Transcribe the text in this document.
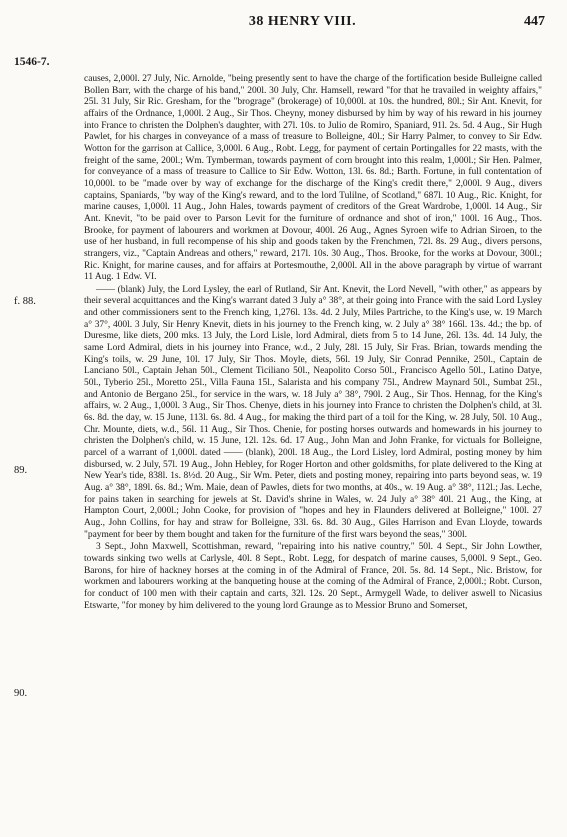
38 HENRY VIII.	447
1546-7.
f. 88.
89.
90.

causes, 2,000l. 27 July, Nic. Arnolde, "being presently sent to have the charge of the fortification beside Bulleigne called Bollen Barr, with the charge of his band," 200l. 30 July, Chr. Hamsell, reward "for that he travailed in weighty affairs," 25l. 31 July, Sir Ric. Gresham, for the "brograge" (brokerage) of 10,000l. at 10s. the hundred, 80l.; Sir Ant. Knevit, for affairs of the Ordnance, 1,000l. 2 Aug., Sir Thos. Cheyny, money disbursed by him by way of his reward in his journey into France to christen the Dolphen's daughter, with 27l. 10s. to Julio de Romiro, Spaniard, 91l. 2s. 5d. 4 Aug., Sir Hugh Pawlet, for his charges in conveyance of a mass of treasure to Bolleigne, 40l.; Sir Harry Palmer, to convey to Sir Edw. Wotton for the garrison at Callice, 3,000l. 6 Aug., Robt. Legg, for payment of certain Portingalles for 22 masts, with the freight of the same, 200l.; Wm. Tymberman, towards payment of corn brought into this realm, 1,000l.; Sir Hen. Palmer, for conveyance of a mass of treasure to Callice to Sir Edw. Wotton, 13l. 6s. 8d.; Barth. Fortune, in full contentation of 10,000l. to be "made over by way of exchange for the discharge of the King's credit there," 2,000l. 9 Aug., divers captains, Spaniards, "by way of the King's reward, and to the lord Tulilne, of Scotland," 687l. 10 Aug., Ric. Knight, for marine causes, 1,000l. 11 Aug., John Hales, towards payment of creditors of the Great Wardrobe, 1,000l. 14 Aug., Sir Ant. Knevit, "to be paid over to Parson Levit for the furniture of ordnance and shot of iron," 100l. 16 Aug., Thos. Brooke, for payment of labourers and workmen at Dovour, 400l. 26 Aug., Agnes Syroen wife to Adrian Siroen, to the use of her husband, in full recompense of his ship and goods taken by the Frenchmen, 72l. 8s. 29 Aug., divers persons, strangers, viz., "Captain Andreas and others," reward, 217l. 10s. 30 Aug., Thos. Brooke, for the works at Dovour, 300l.; Ric. Knight, for marine causes, and for affairs at Portesmouthe, 2,000l. All in the above paragraph by virtue of warrant 11 Aug. 1 Edw. VI.

—— (blank) July, the Lord Lysley, the earl of Rutland, Sir Ant. Knevit, the Lord Nevell, "with other," as appears by their several acquittances and the King's warrant dated 3 July a° 38°, at their going into France with the said Lord Lysley and other commissioners sent to the French king, 1,276l. 13s. 4d. 2 July, Miles Partriche, to the King's use, w. 19 March a° 37°, 400l. 3 July, Sir Henry Knevit, diets in his journey to the French king, w. 2 July a° 38° 166l. 13s. 4d.; the bp. of Duresme, like diets, 200 mks. 13 July, the Lord Lisle, lord Admiral, diets from 5 to 14 June, 26l. 13s. 4d. 14 July, the same Lord Admiral, diets in his journey into France, w.d., 2 July, 28l. 15 July, Sir Fras. Brian, towards mending the King's toils, w. 29 June, 10l. 17 July, Sir Thos. Moyle, diets, 56l. 19 July, Sir Conrad Pennike, 250l., Captain de Lanciano 50l., Captain Jehan 50l., Clement Ticiliano 50l., Neapolito Corso 50l., Francisco Agello 50l., Latino Datye, 50l., Tyberio 25l., Moretto 25l., Villa Fauna 15l., Salarista and his company 75l., Andrew Maynard 50l., Sumbat 25l., and Antonio de Bergano 25l., for service in the wars, w. 18 July a° 38°, 790l. 2 Aug., Sir Thos. Hennag, for the King's affairs, w. 2 Aug., 1,000l. 3 Aug., Sir Thos. Chenye, diets in his journey into France to christen the Dolphen's child, at 3l. 6s. 8d. the day, w. 15 June, 113l. 6s. 8d. 4 Aug., for making the third part of a toil for the King, w. 28 July, 50l. 10 Aug., Chr. Mounte, diets, w.d., 56l. 11 Aug., Sir Thos. Chenie, for posting horses outwards and homewards in his journey to christen the Dolphen's child, w. 15 June, 12l. 12s. 6d. 17 Aug., John Man and John Franke, for victuals for Bolleigne, parcel of a warrant of 1,000l. dated —— (blank), 200l. 18 Aug., the Lord Lisley, lord Admiral, posting money by him disbursed, w. 2 July, 57l. 19 Aug., John Hebley, for Roger Horton and other goldsmiths, for plate delivered to the King at New Year's tide, 838l. 1s. 8½d. 20 Aug., Sir Wm. Peter, diets and posting money, repairing into parts beyond seas, w. 19 Aug. a° 38°, 189l. 6s. 8d.; Wm. Maie, dean of Pawles, diets for two months, at 40s., w. 19 Aug. a° 38°, 112l.; Jas. Leche, for pains taken in searching for jewels at St. David's shrine in Wales, w. 24 July a° 38° 40l. 21 Aug., the King, at Hampton Court, 2,000l.; John Cooke, for provision of "hopes and hey in Flaunders delivered at Bolleigne," 100l. 27 Aug., John Collins, for hay and straw for Bolleigne, 33l. 6s. 8d. 30 Aug., Giles Harrison and Evan Lloyde, towards "payment for beer by them bought and taken for the furniture of the first wars beyond the seas," 300l.

3 Sept., John Maxwell, Scottishman, reward, "repairing into his native country," 50l. 4 Sept., Sir John Lowther, towards sinking two wells at Carlysle, 40l. 8 Sept., Robt. Legg, for despatch of marine causes, 5,000l. 9 Sept., Geo. Barons, for hire of hackney horses at the coming in of the Admiral of France, 20l. 5s. 8d. 14 Sept., Nic. Bristow, for workmen and labourers working at the banqueting house at the coming of the Admiral of France, 2,000l.; Robt. Curson, for conduct of 100 men with their captain and carts, 32l. 12s. 20 Sept., Armygell Wade, to deliver aswell to Nicasius Etswarte, "for money by him delivered to the young lord Graunge as to Messior Bruno and Somerset,
